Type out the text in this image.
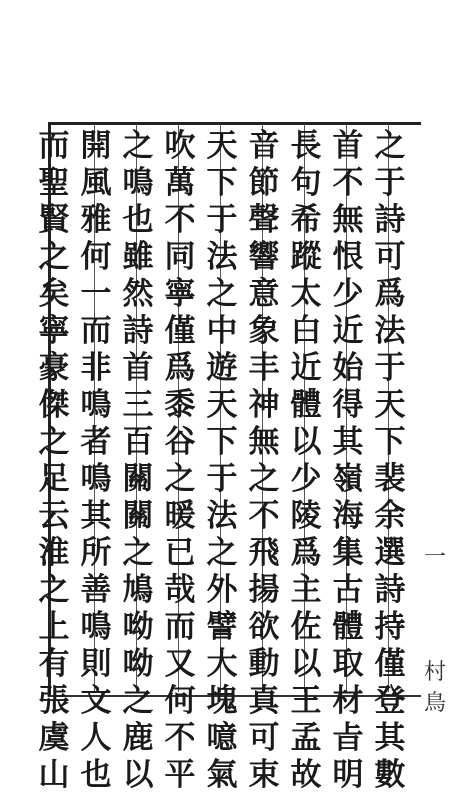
之
于
詩
可
爲
法
于
天
下
裴
余
選
詩
持
僅
登
其
數
首
不
無
恨
少
近
始
得
其
嶺
海
集
古
體
取
材
㫖
明
長
句
希
蹤
太
白
近
體
以
少
陵
爲
主
佐
以
王
孟
故
音
節
聲
響
意
象
丰
神
無
之
不
飛
揚
欲
動
真
可
束
天
下
于
法
之
中
遊
天
下
于
法
之
外
譬
大
塊
噫
氣
吹
萬
不
同
寧
僅
爲
黍
谷
之
暖
已
哉
而
又
何
不
平
之
鳴
也
雖
然
詩
首
三
百
關
關
之
鳩
呦
呦
之
鹿
以
開
風
雅
何
一
而
非
鳴
者
鳴
其
所
善
鳴
則
文
人
也
而
聖
賢
之
矣
寧
豪
傑
之
足
云
淮
之
上
有
張
虞
山
一
村 鳥
